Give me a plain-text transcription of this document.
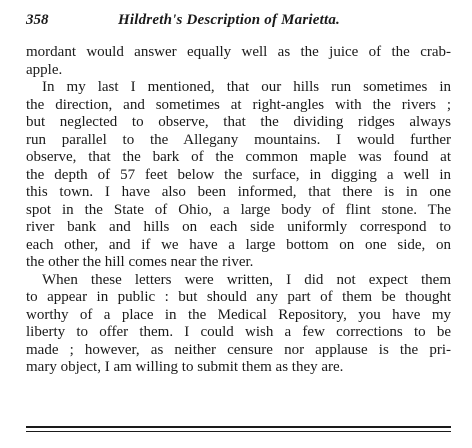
358	Hildreth's Description of Marietta.
mordant would answer equally well as the juice of the crab-
apple.
In my last I mentioned, that our hills run sometimes in
the direction, and sometimes at right-angles with the rivers ;
but neglected to observe, that the dividing ridges always
run parallel to the Allegany mountains. I would further
observe, that the bark of the common maple was found at
the depth of 57 feet below the surface, in digging a well in
this town. I have also been informed, that there is in one
spot in the State of Ohio, a large body of flint stone. The
river bank and hills on each side uniformly correspond to
each other, and if we have a large bottom on one side, on
the other the hill comes near the river.
When these letters were written, I did not expect them
to appear in public : but should any part of them be thought
worthy of a place in the Medical Repository, you have my
liberty to offer them. I could wish a few corrections to be
made ; however, as neither censure nor applause is the pri-
mary object, I am willing to submit them as they are.
